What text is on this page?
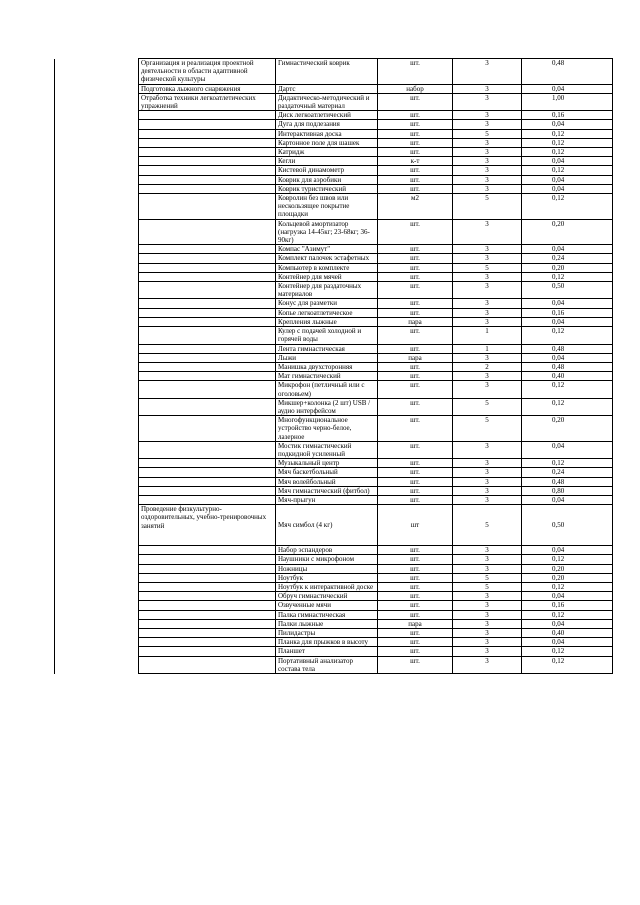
	Организация и реализация проектной деятельности в области адаптивной физической культуры	Гимнастический коврик	шт.	3	0,48
	Подготовка лыжного снаряжения	Дартс	набор	3	0,04
	Отработка техники легкоатлетических упражнений	Дидактическо-методический и раздаточный материал	шт.	3	1,00
		Диск легкоатлетический	шт.	3	0,16
		Дуга для подлезания	шт.	3	0,04
		Интерактивная доска	шт.	5	0,12
		Картонное поле для шашек	шт.	3	0,12
		Катридж	шт.	3	0,12
		Кегли	к-т	3	0,04
		Кистевой динамометр	шт.	3	0,12
		Коврик для аэробики	шт.	3	0,04
		Коврик туристический	шт.	3	0,04
		Ковролин без швов или нескользящее покрытие площадки	м2	5	0,12
		Кольцевой амортизатор (нагрузка 14-45кг; 23-68кг; 36-90кг)	шт.	3	0,20
		Компас "Азимут"	шт.	3	0,04
		Комплект палочек эстафетных	шт.	3	0,24
		Компьютер в комплекте	шт.	5	0,20
		Контейнер для мячей	шт.	3	0,12
		Контейнер для раздаточных материалов	шт.	3	0,50
		Конус для разметки	шт.	3	0,04
		Копье легкоатлетическое	шт.	3	0,16
		Крепления лыжные	пара	3	0,04
		Кулер с подачей холодной и горячей воды	шт.	1	0,12
		Лента гимнастическая	шт.	1	0,48
		Лыжи	пара	3	0,04
		Манишка двухсторонняя	шт.	2	0,48
		Мат гимнастический	шт.	3	0,40
		Микрофон (петличный или с оголовьем)	шт.	3	0,12
		Микшер+колонка (2 шт) USB /аудио интерфейсом	шт.	5	0,12
		Многофункциональное устройство черно-белое, лазерное	шт.	5	0,20
		Мостик гимнастический подкидной усиленный	шт.	3	0,04
		Музыкальный центр	шт.	3	0,12
		Мяч баскетбольный	шт.	3	0,24
		Мяч волейбольный	шт.	3	0,48
		Мяч гимнастический (фитбол)	шт.	3	0,80
		Мяч-прыгун	шт.	3	0,04
	Проведение физкультурно-оздоровительных, учебно-тренировочных занятий	Мяч симбол (4 кг)	шт	5	0,50
		Набор эспандеров	шт.	3	0,04
		Наушники с микрофоном	шт.	3	0,12
		Ножницы	шт.	3	0,20
		Ноутбук	шт.	5	0,20
		Ноутбук к интерактивной доске	шт.	5	0,12
		Обруч гимнастический	шт.	3	0,04
		Озвученные мячи	шт.	3	0,16
		Палка гимнастическая	шт.	3	0,12
		Палки лыжные	пара	3	0,04
		Пилидастры	шт.	3	0,40
		Планка для прыжков в высоту	шт.	3	0,04
		Планшет	шт.	3	0,12
		Портативный анализатор состава тела	шт.	3	0,12
